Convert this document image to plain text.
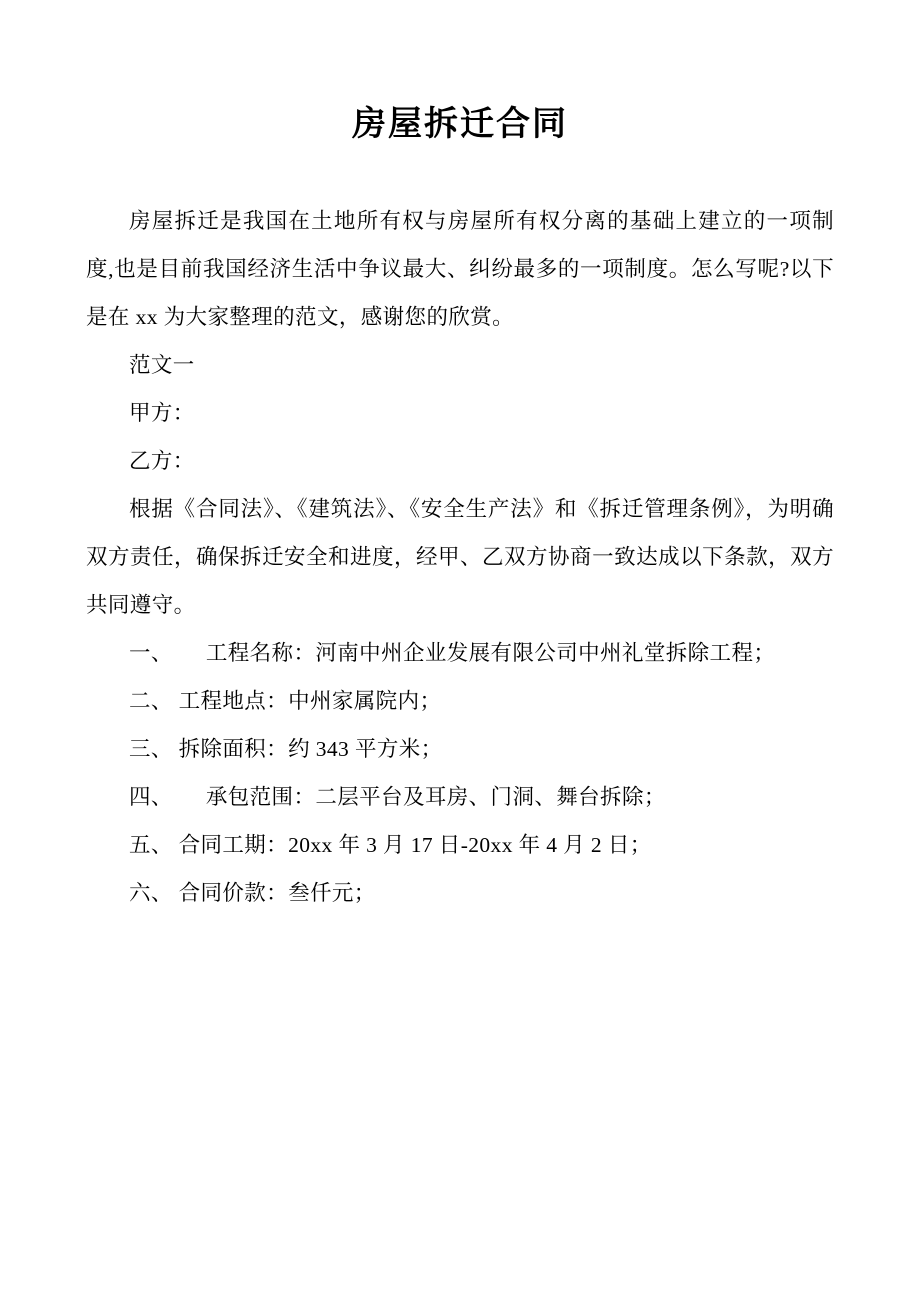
房屋拆迁合同

房屋拆迁是我国在土地所有权与房屋所有权分离的基础上建立的一项制度,也是目前我国经济生活中争议最大、纠纷最多的一项制度。怎么写呢?以下是在 xx 为大家整理的范文，感谢您的欣赏。

范文一

甲方：

乙方：

根据《合同法》、《建筑法》、《安全生产法》和《拆迁管理条例》，为明确双方责任，确保拆迁安全和进度，经甲、乙双方协商一致达成以下条款，双方共同遵守。

一、　　工程名称：河南中州企业发展有限公司中州礼堂拆除工程；

二、 工程地点：中州家属院内；

三、 拆除面积：约 343 平方米；

四、　　承包范围：二层平台及耳房、门洞、舞台拆除；

五、 合同工期：20xx 年 3 月 17 日-20xx 年 4 月 2 日；

六、 合同价款：叁仟元；
